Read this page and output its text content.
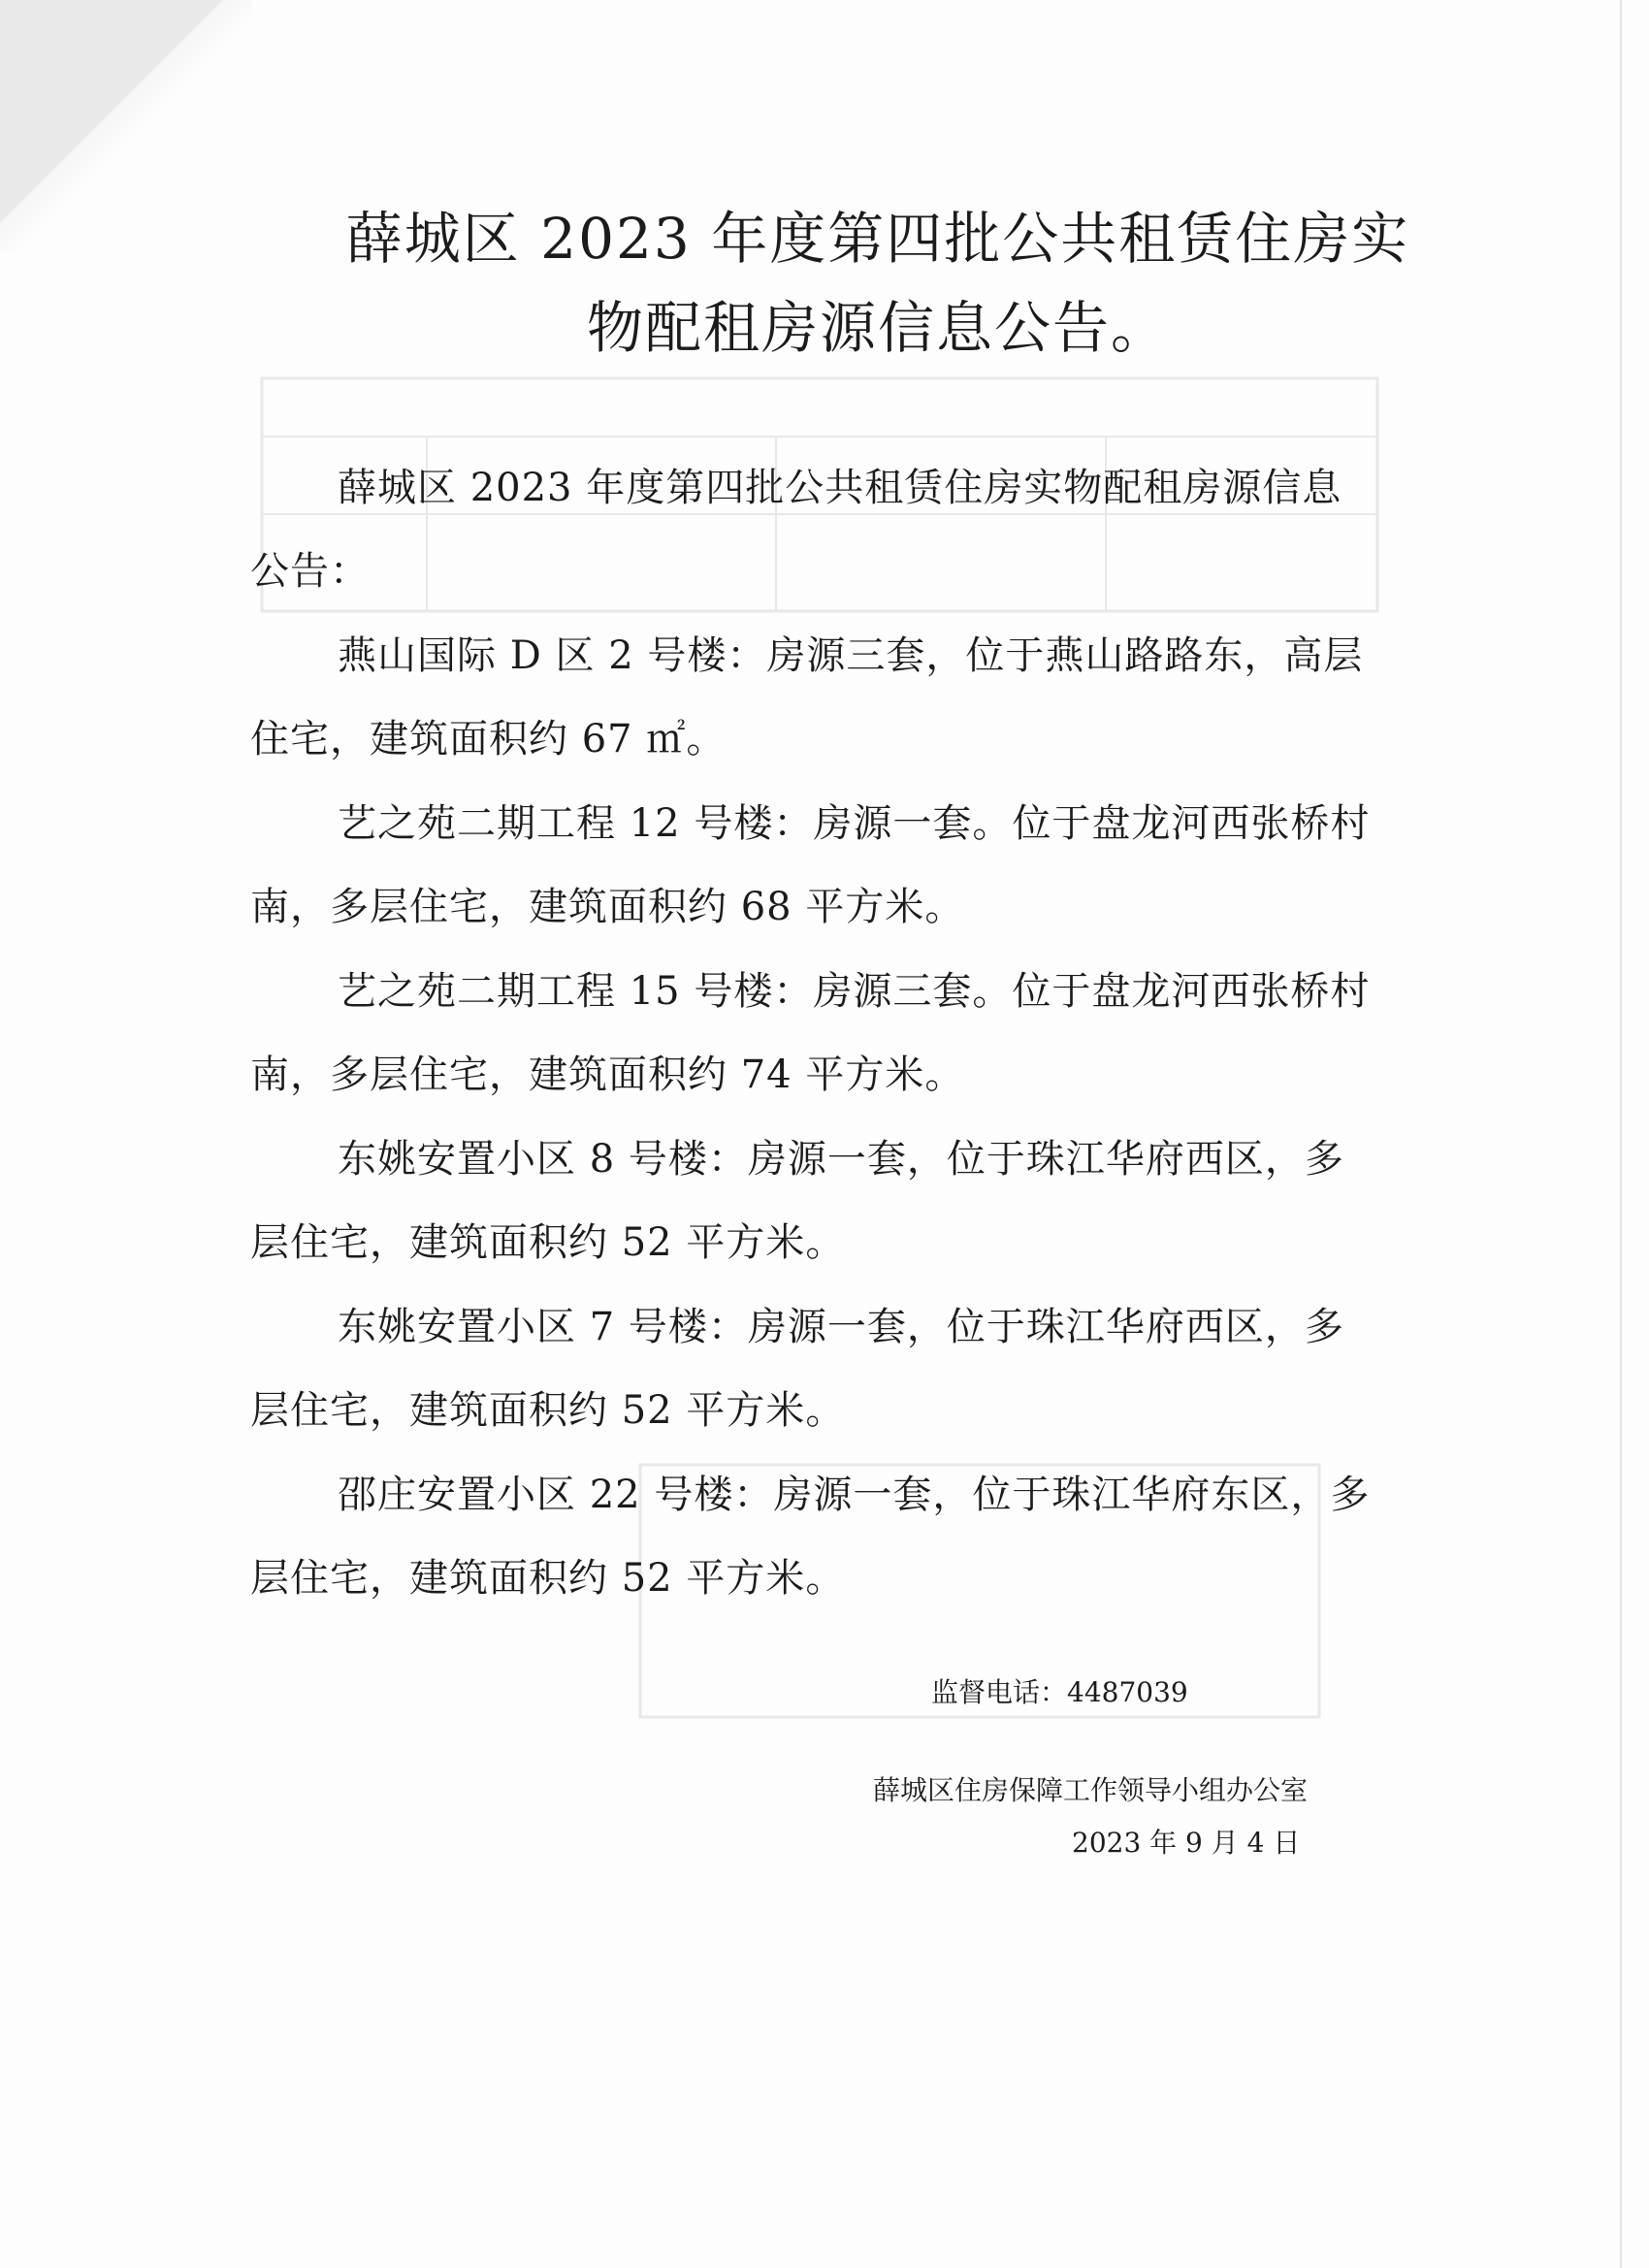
薛城区 2023 年度第四批公共租赁住房实
物配租房源信息公告。

薛城区 2023 年度第四批公共租赁住房实物配租房源信息公告：

燕山国际 D 区 2 号楼：房源三套，位于燕山路路东，高层住宅，建筑面积约 67 ㎡。

艺之苑二期工程 12 号楼：房源一套。位于盘龙河西张桥村南，多层住宅，建筑面积约 68 平方米。

艺之苑二期工程 15 号楼：房源三套。位于盘龙河西张桥村南，多层住宅，建筑面积约 74 平方米。

东姚安置小区 8 号楼：房源一套，位于珠江华府西区，多层住宅，建筑面积约 52 平方米。

东姚安置小区 7 号楼：房源一套，位于珠江华府西区，多层住宅，建筑面积约 52 平方米。

邵庄安置小区 22 号楼：房源一套，位于珠江华府东区，多层住宅，建筑面积约 52 平方米。

监督电话：4487039
薛城区住房保障工作领导小组办公室
2023 年 9 月 4 日
